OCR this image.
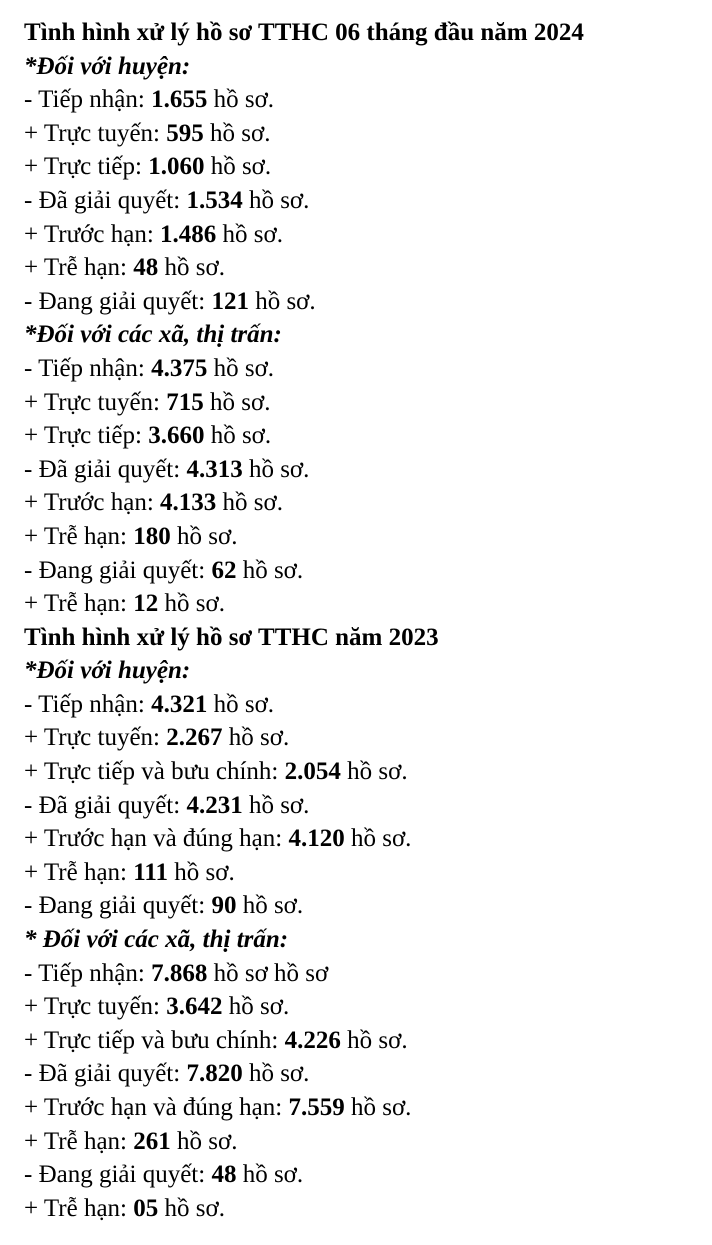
Tình hình xử lý hồ sơ TTHC 06 tháng đầu năm 2024
*Đối với huyện:
- Tiếp nhận: 1.655 hồ sơ.
+ Trực tuyến: 595 hồ sơ.
+ Trực tiếp: 1.060 hồ sơ.
- Đã giải quyết: 1.534 hồ sơ.
+ Trước hạn: 1.486 hồ sơ.
+ Trễ hạn: 48 hồ sơ.
- Đang giải quyết: 121 hồ sơ.
*Đối với các xã, thị trấn:
- Tiếp nhận: 4.375 hồ sơ.
+ Trực tuyến: 715 hồ sơ.
+ Trực tiếp: 3.660 hồ sơ.
- Đã giải quyết: 4.313 hồ sơ.
+ Trước hạn: 4.133 hồ sơ.
+ Trễ hạn: 180 hồ sơ.
- Đang giải quyết: 62 hồ sơ.
+ Trễ hạn: 12 hồ sơ.
Tình hình xử lý hồ sơ TTHC năm 2023
*Đối với huyện:
- Tiếp nhận: 4.321 hồ sơ.
+ Trực tuyến: 2.267 hồ sơ.
+ Trực tiếp và bưu chính: 2.054 hồ sơ.
- Đã giải quyết: 4.231 hồ sơ.
+ Trước hạn và đúng hạn: 4.120 hồ sơ.
+ Trễ hạn: 111 hồ sơ.
- Đang giải quyết: 90 hồ sơ.
* Đối với các xã, thị trấn:
- Tiếp nhận: 7.868 hồ sơ hồ sơ
+ Trực tuyến: 3.642 hồ sơ.
+ Trực tiếp và bưu chính: 4.226 hồ sơ.
- Đã giải quyết: 7.820 hồ sơ.
+ Trước hạn và đúng hạn: 7.559 hồ sơ.
+ Trễ hạn: 261 hồ sơ.
- Đang giải quyết: 48 hồ sơ.
+ Trễ hạn: 05 hồ sơ.
